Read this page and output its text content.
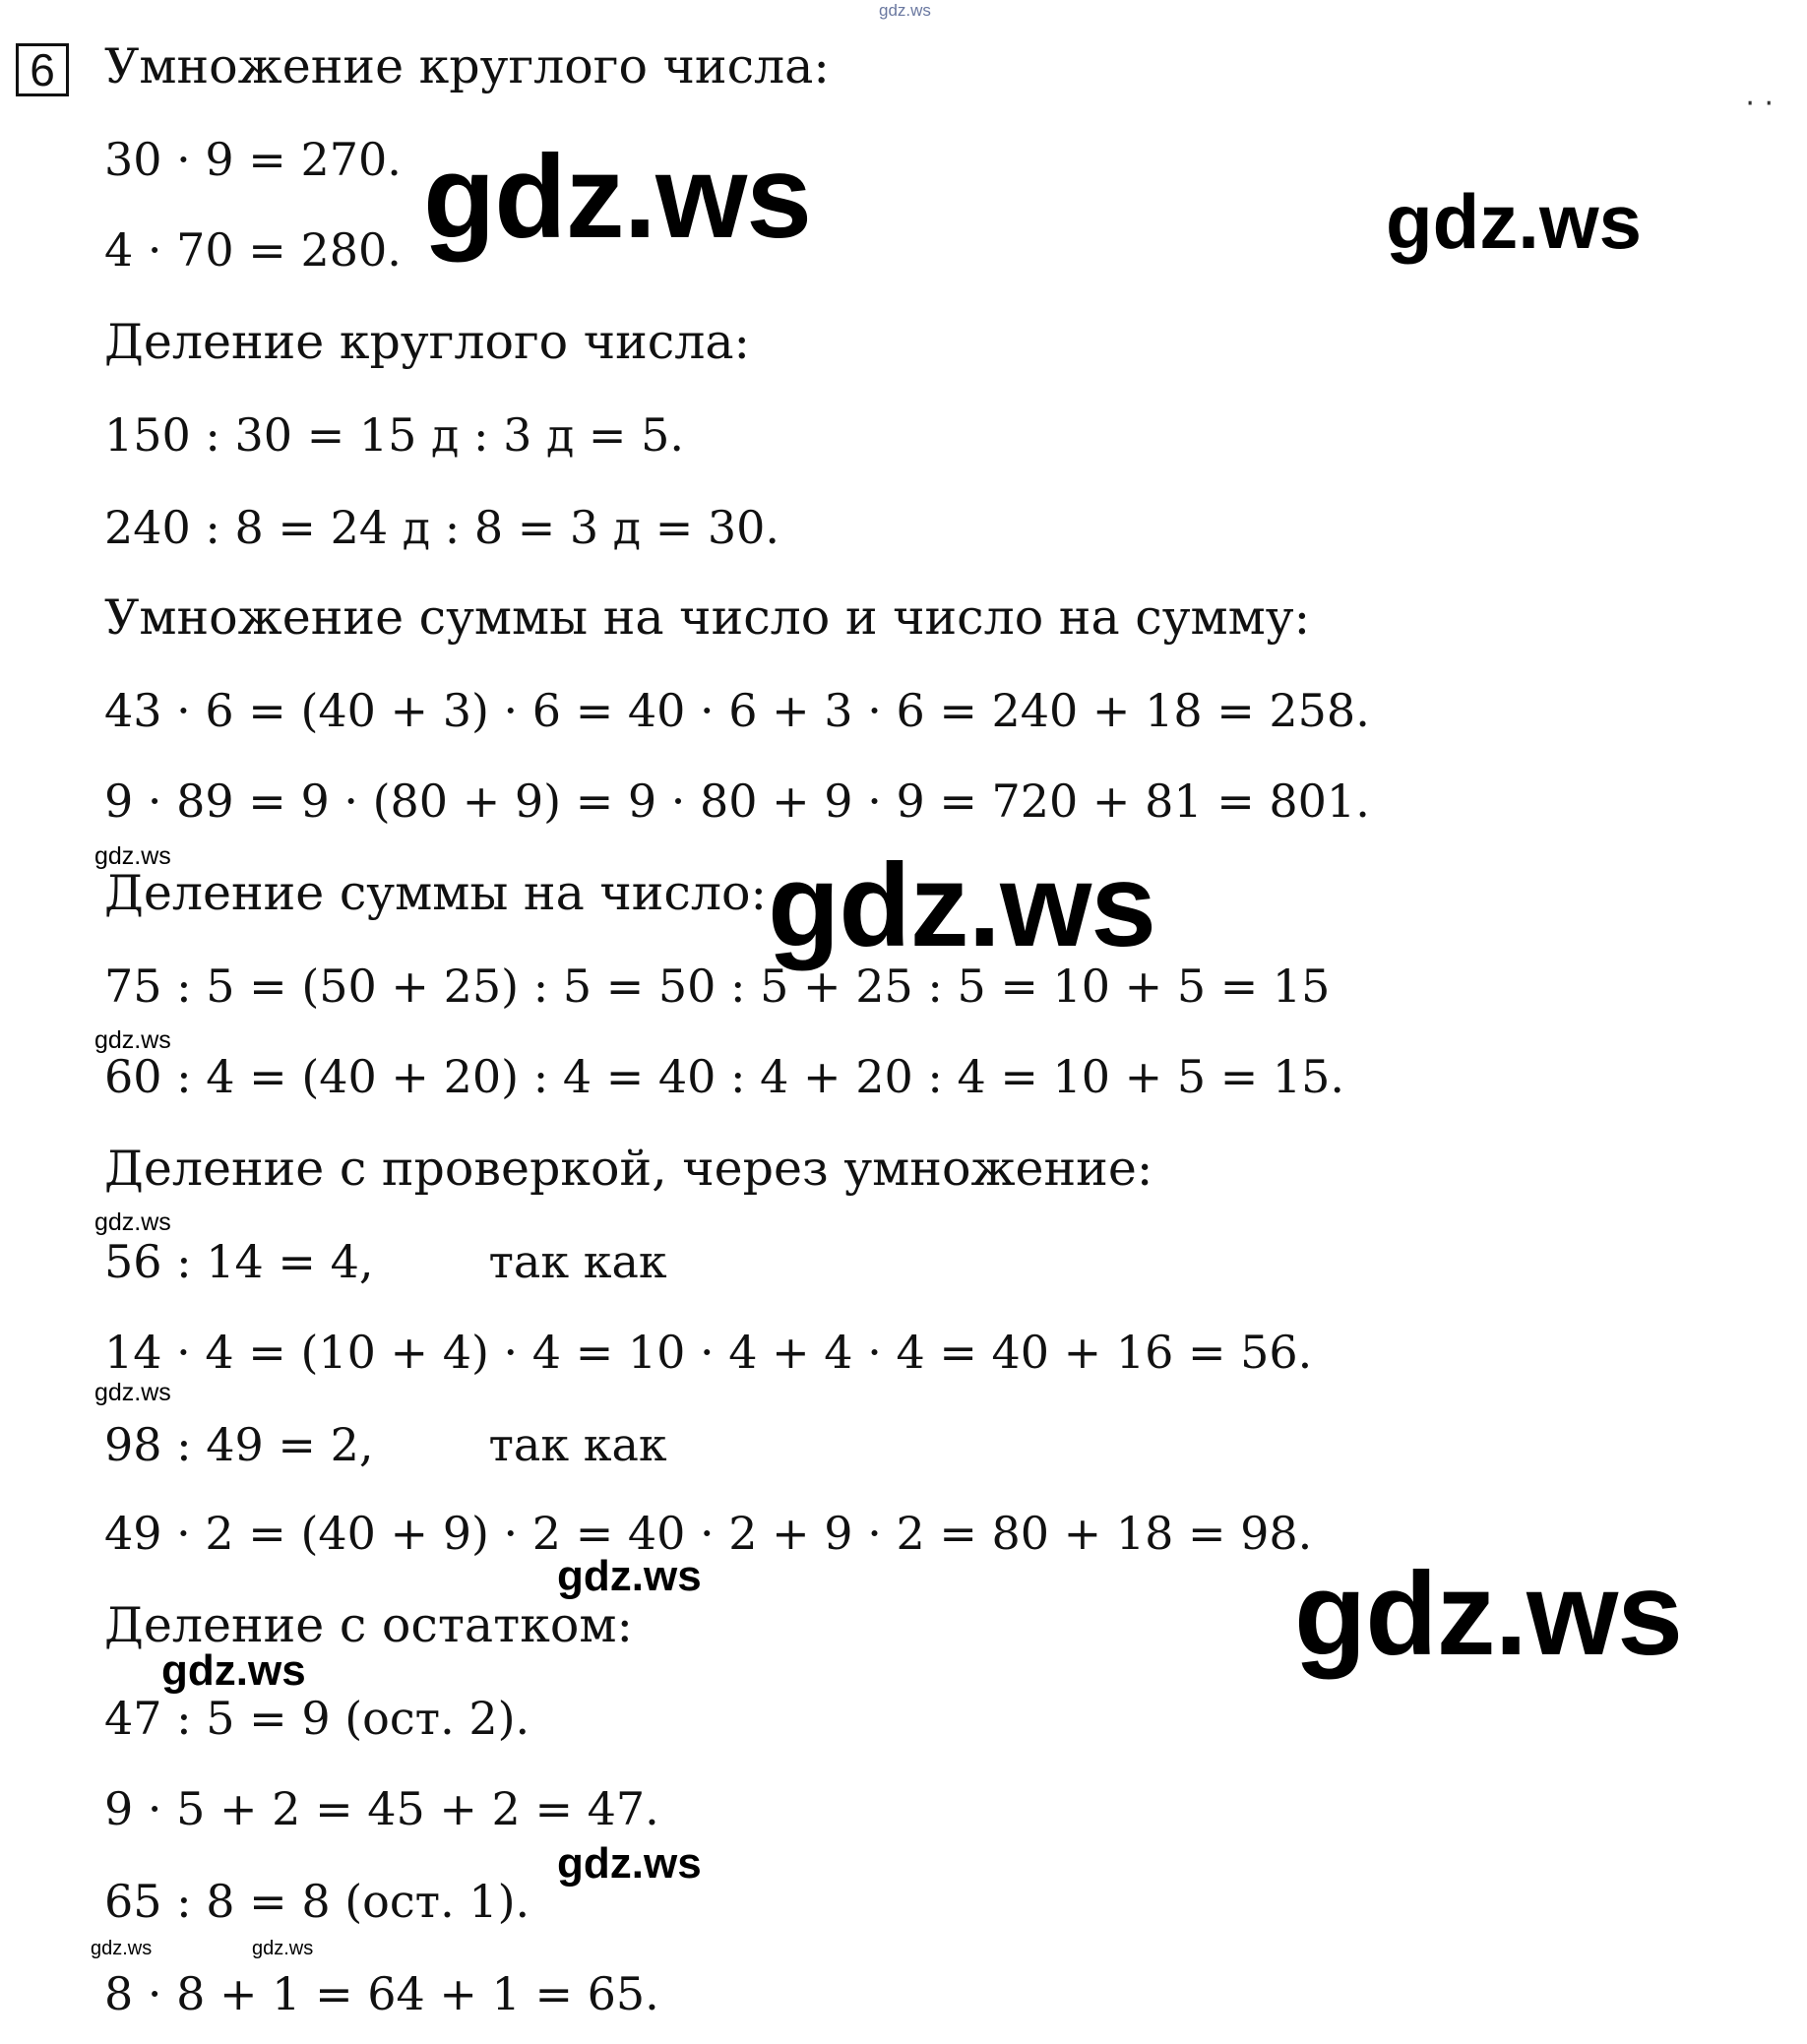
gdz.ws
· ·
6 Умножение круглого числа:
30 · 9 = 270.
4 · 70 = 280.
Деление круглого числа:
150 : 30 = 15 д : 3 д = 5.
240 : 8 = 24 д : 8 = 3 д = 30.
Умножение суммы на число и число на сумму:
43 · 6 = (40 + 3) · 6 = 40 · 6 + 3 · 6 = 240 + 18 = 258.
9 · 89 = 9 · (80 + 9) = 9 · 80 + 9 · 9 = 720 + 81 = 801.
Деление суммы на число:
75 : 5 = (50 + 25) : 5 = 50 : 5 + 25 : 5 = 10 + 5 = 15
60 : 4 = (40 + 20) : 4 = 40 : 4 + 20 : 4 = 10 + 5 = 15.
Деление с проверкой, через умножение:
56 : 14 = 4,        так как
14 · 4 = (10 + 4) · 4 = 10 · 4 + 4 · 4 = 40 + 16 = 56.
98 : 49 = 2,        так как
49 · 2 = (40 + 9) · 2 = 40 · 2 + 9 · 2 = 80 + 18 = 98.
Деление с остатком:
47 : 5 = 9 (ост. 2).
9 · 5 + 2 = 45 + 2 = 47.
65 : 8 = 8 (ост. 1).
8 · 8 + 1 = 64 + 1 = 65.
gdz.ws	gdz.ws
gdz.ws	gdz.ws
gdz.ws
gdz.ws
gdz.ws
gdz.ws	gdz.ws
gdz.ws
gdz.ws
gdz.ws	gdz.ws
